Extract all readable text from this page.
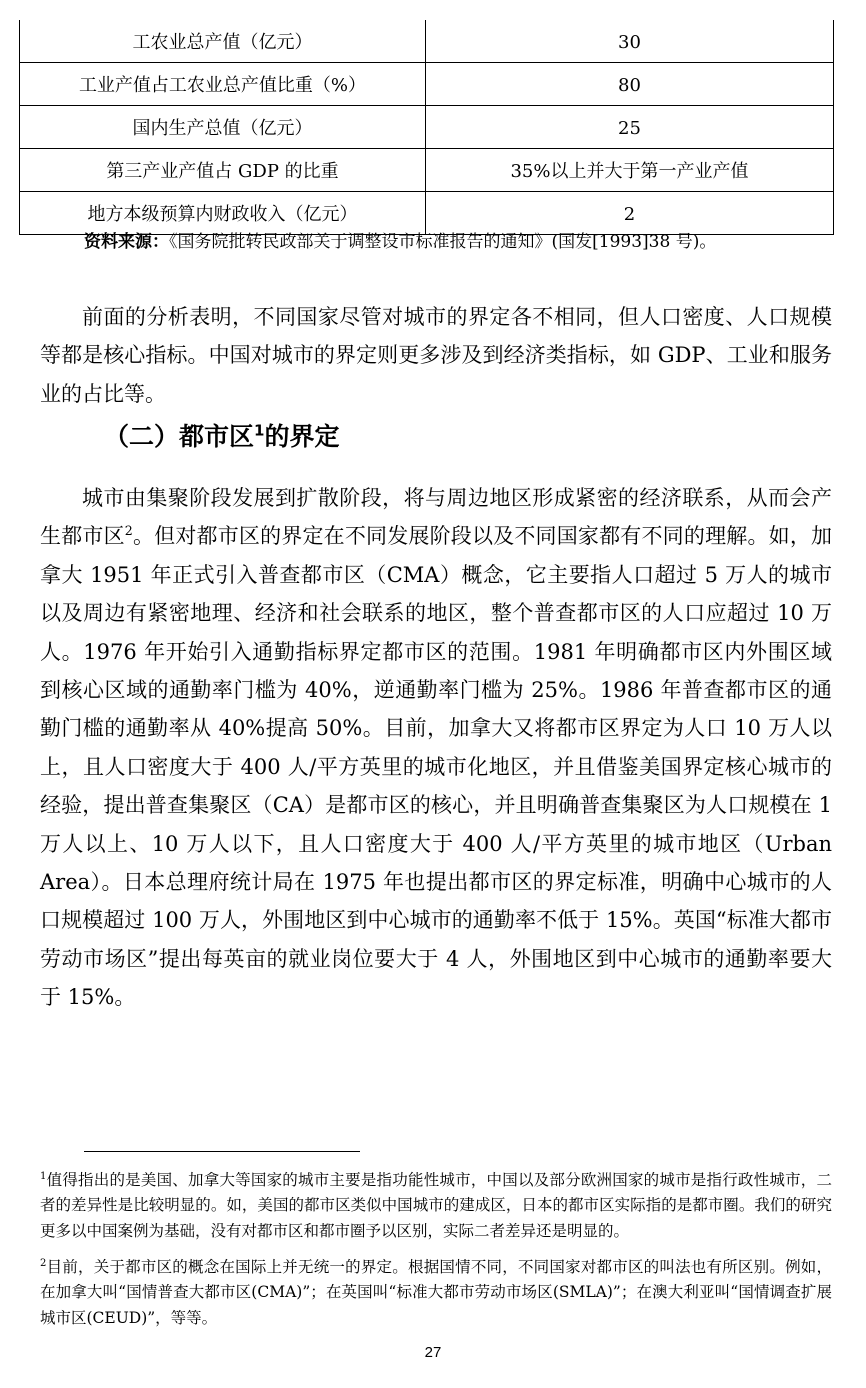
工农业总产值（亿元）	30
工业产值占工农业总产值比重（%）	80
国内生产总值（亿元）	25
第三产业产值占 GDP 的比重	35%以上并大于第一产业产值
地方本级预算内财政收入（亿元）	2
资料来源：《国务院批转民政部关于调整设市标准报告的通知》(国发[1993]38 号)。

前面的分析表明，不同国家尽管对城市的界定各不相同，但人口密度、人口规模等都是核心指标。中国对城市的界定则更多涉及到经济类指标，如 GDP、工业和服务业的占比等。

（二）都市区$^1$的界定

城市由集聚阶段发展到扩散阶段，将与周边地区形成紧密的经济联系，从而会产生都市区$^2$。但对都市区的界定在不同发展阶段以及不同国家都有不同的理解。如，加拿大 1951 年正式引入普查都市区（CMA）概念，它主要指人口超过 5 万人的城市以及周边有紧密地理、经济和社会联系的地区，整个普查都市区的人口应超过 10 万人。1976 年开始引入通勤指标界定都市区的范围。1981 年明确都市区内外围区域到核心区域的通勤率门槛为 40%，逆通勤率门槛为 25%。1986 年普查都市区的通勤门槛的通勤率从 40%提高 50%。目前，加拿大又将都市区界定为人口 10 万人以上，且人口密度大于 400 人/平方英里的城市化地区，并且借鉴美国界定核心城市的经验，提出普查集聚区（CA）是都市区的核心，并且明确普查集聚区为人口规模在 1 万人以上、10 万人以下，且人口密度大于 400 人/平方英里的城市地区（Urban Area）。日本总理府统计局在 1975 年也提出都市区的界定标准，明确中心城市的人口规模超过 100 万人，外围地区到中心城市的通勤率不低于 15%。英国“标准大都市劳动市场区”提出每英亩的就业岗位要大于 4 人，外围地区到中心城市的通勤率要大于 15%。

$^1$值得指出的是美国、加拿大等国家的城市主要是指功能性城市，中国以及部分欧洲国家的城市是指行政性城市，二者的差异性是比较明显的。如，美国的都市区类似中国城市的建成区，日本的都市区实际指的是都市圈。我们的研究更多以中国案例为基础，没有对都市区和都市圈予以区别，实际二者差异还是明显的。

$^2$目前，关于都市区的概念在国际上并无统一的界定。根据国情不同，不同国家对都市区的叫法也有所区别。例如，在加拿大叫“国情普查大都市区(CMA)”；在英国叫“标准大都市劳动市场区(SMLA)”；在澳大利亚叫“国情调查扩展城市区(CEUD)”，等等。

27
